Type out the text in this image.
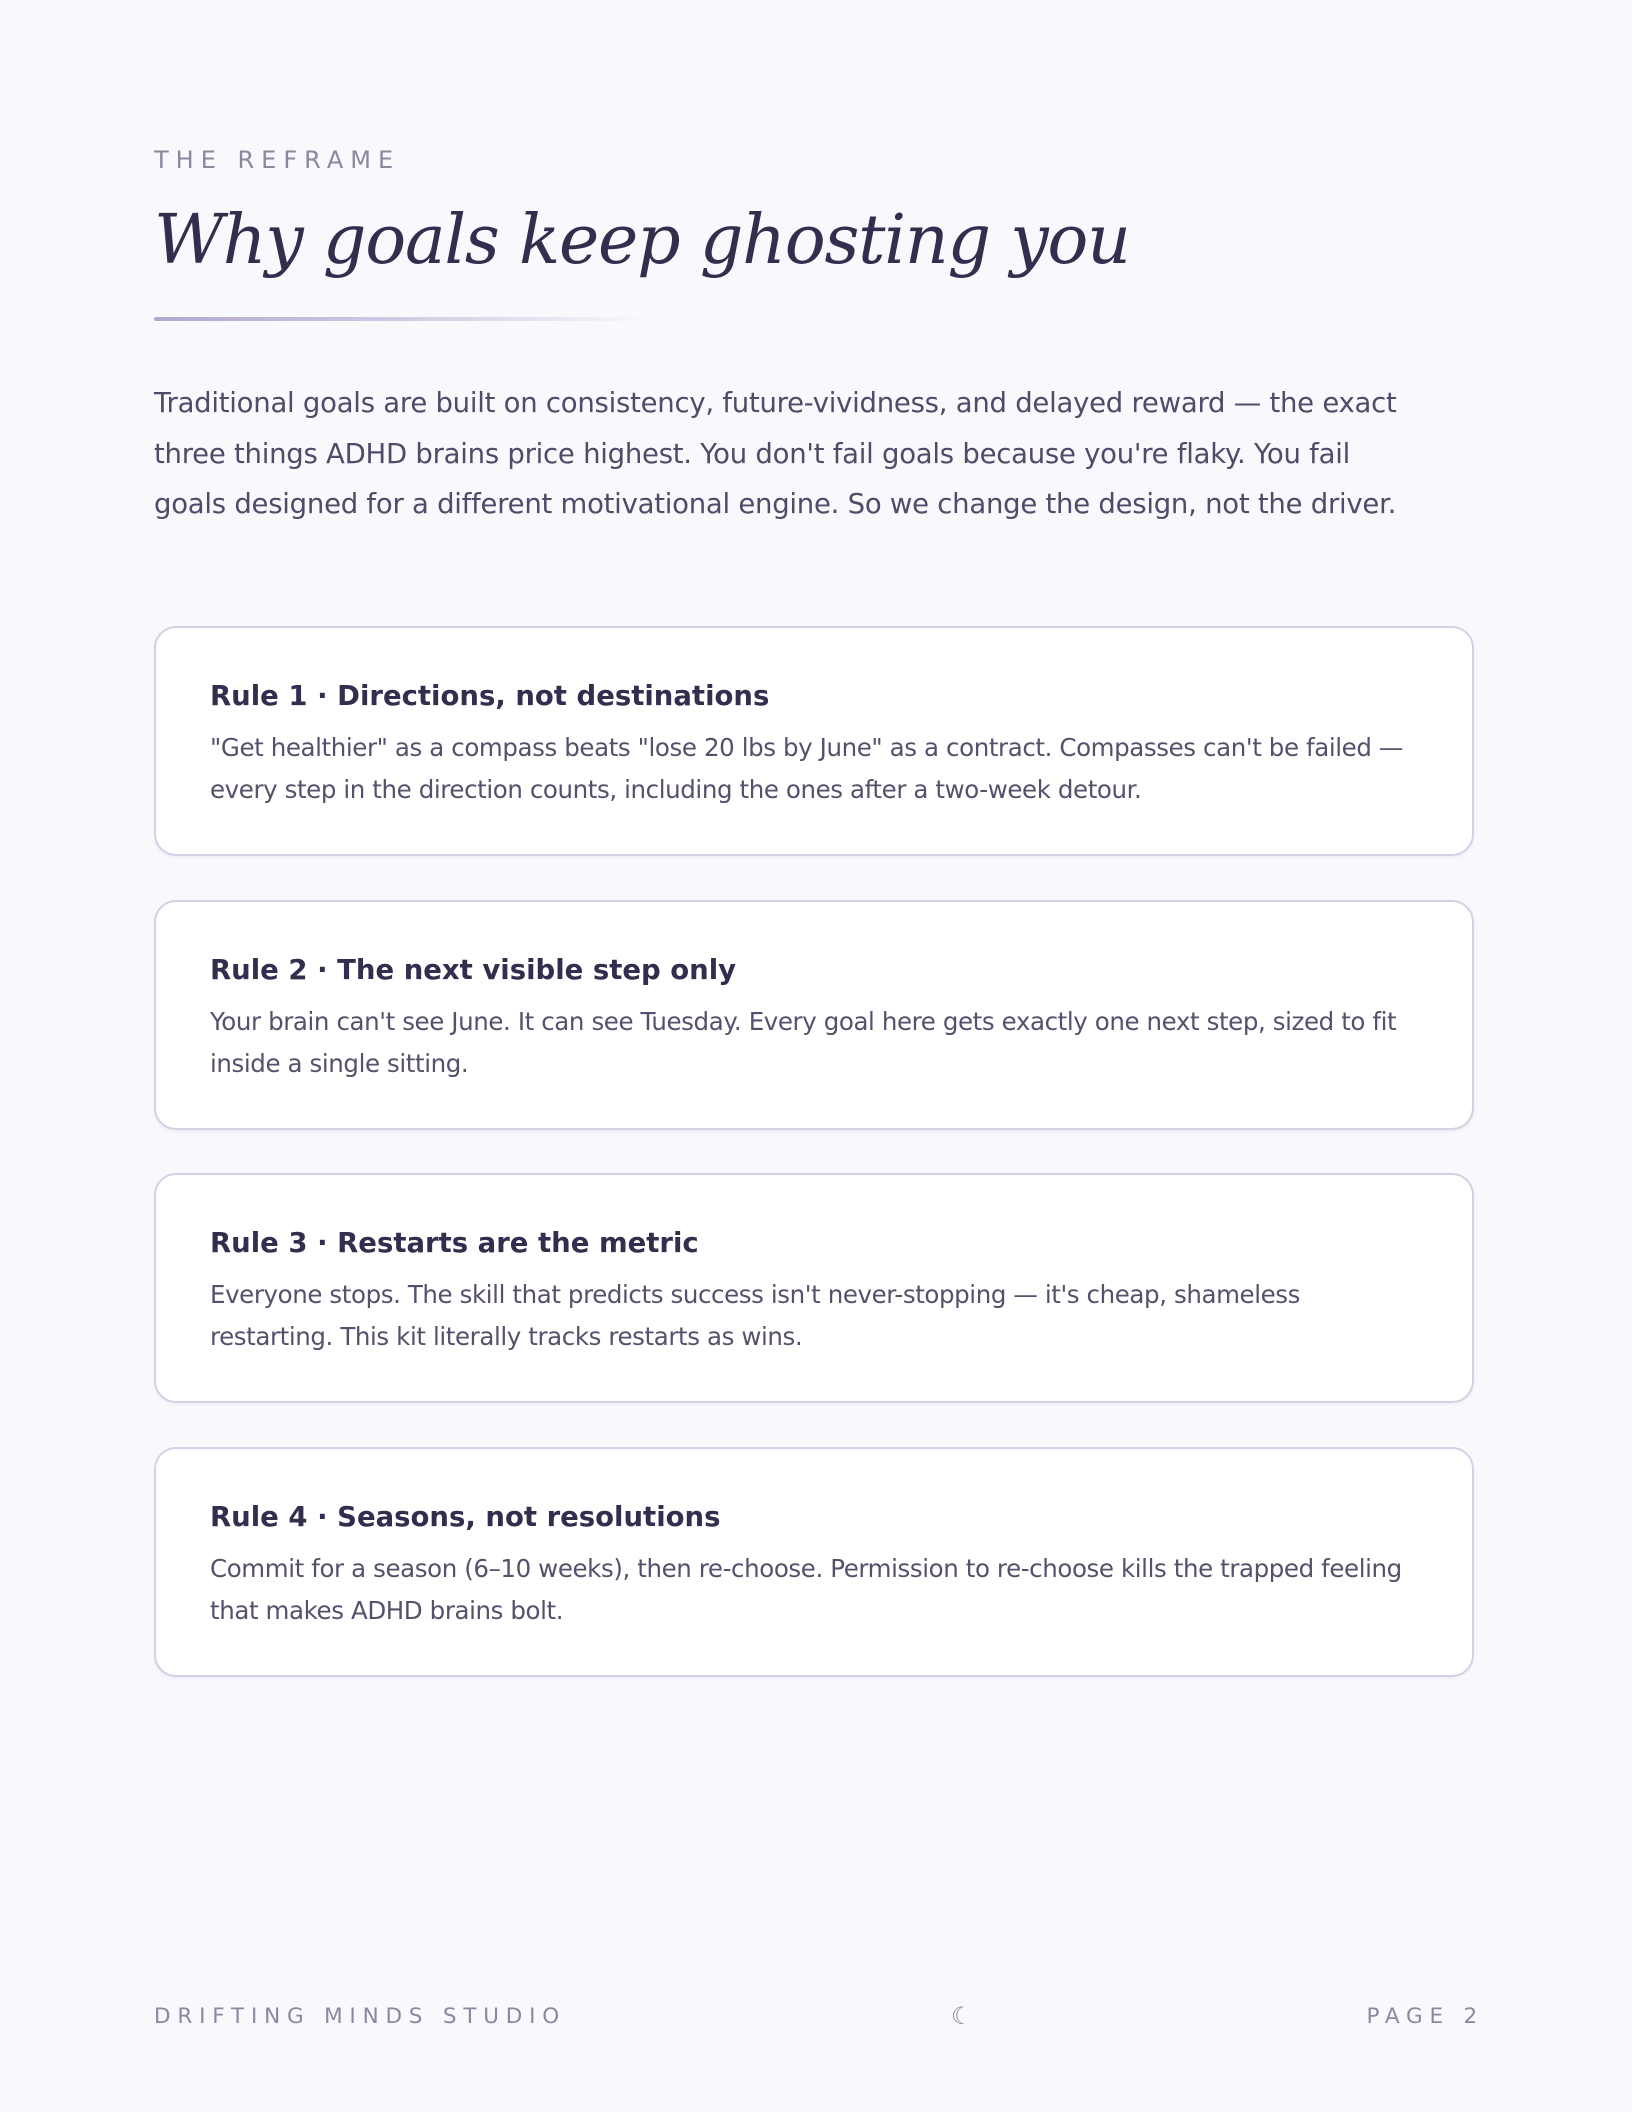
THE REFRAME
Why goals keep ghosting you

Traditional goals are built on consistency, future-vividness, and delayed reward — the exact three things ADHD brains price highest. You don't fail goals because you're flaky. You fail goals designed for a different motivational engine. So we change the design, not the driver.

Rule 1 · Directions, not destinations

"Get healthier" as a compass beats "lose 20 lbs by June" as a contract. Compasses can't be failed — every step in the direction counts, including the ones after a two-week detour.

Rule 2 · The next visible step only

Your brain can't see June. It can see Tuesday. Every goal here gets exactly one next step, sized to fit inside a single sitting.

Rule 3 · Restarts are the metric

Everyone stops. The skill that predicts success isn't never-stopping — it's cheap, shameless restarting. This kit literally tracks restarts as wins.

Rule 4 · Seasons, not resolutions

Commit for a season (6–10 weeks), then re-choose. Permission to re-choose kills the trapped feeling that makes ADHD brains bolt.

DRIFTING MINDS STUDIO	☾	PAGE 2
